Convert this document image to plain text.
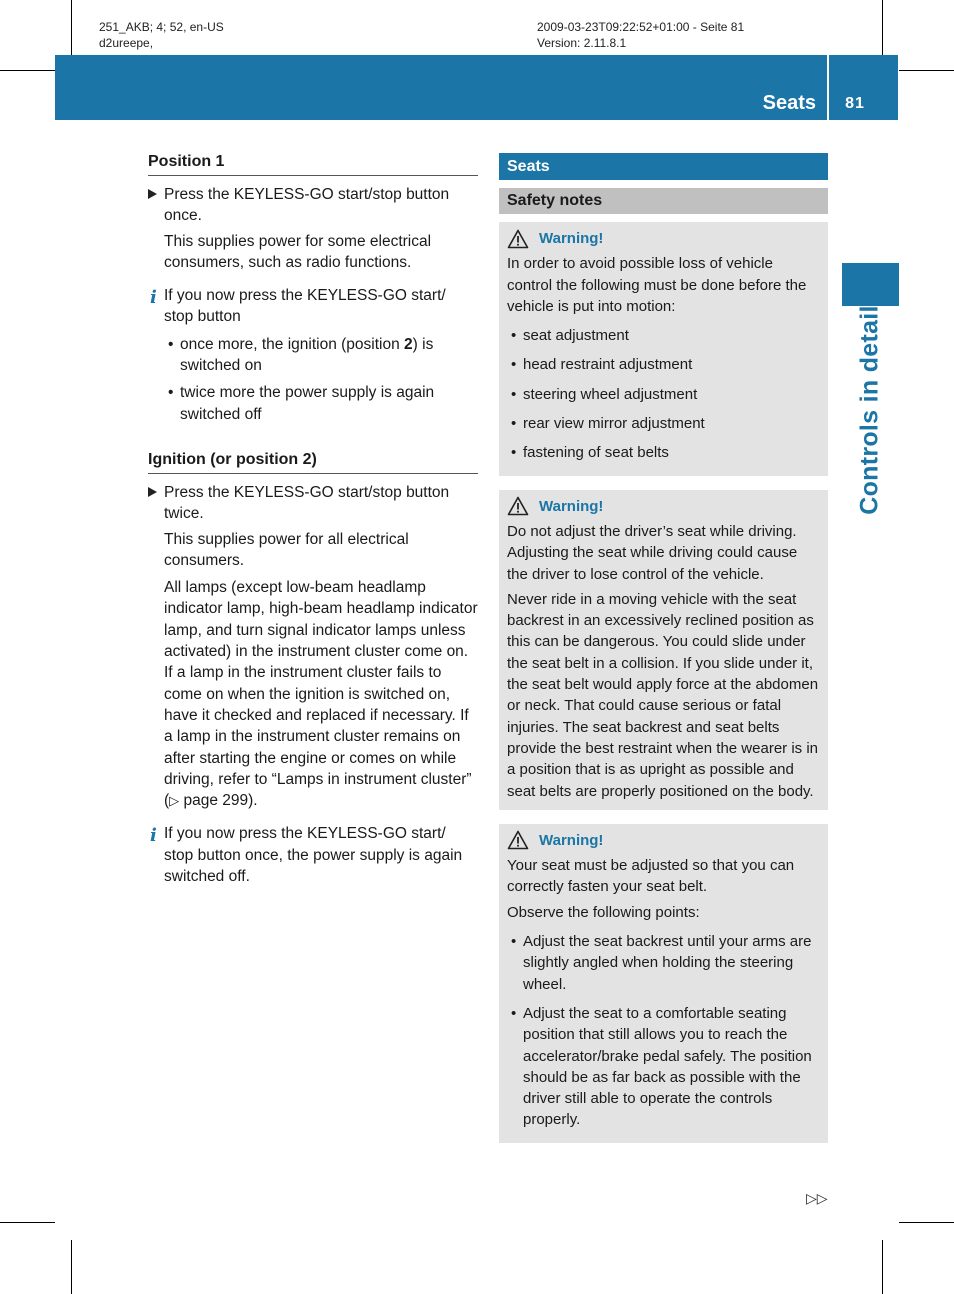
251_AKB; 4; 52, en-US
d2ureepe,
2009-03-23T09:22:52+01:00 - Seite 81
Version: 2.11.8.1
Seats	81
Controls in detail
Position 1
Press the KEYLESS-GO start/stop button once.
This supplies power for some electrical consumers, such as radio functions.
i If you now press the KEYLESS-GO start/ stop button
• once more, the ignition (position 2) is switched on
• twice more the power supply is again switched off
Ignition (or position 2)
Press the KEYLESS-GO start/stop button twice.
This supplies power for all electrical consumers.
All lamps (except low-beam headlamp indicator lamp, high-beam headlamp indicator lamp, and turn signal indicator lamps unless activated) in the instrument cluster come on. If a lamp in the instrument cluster fails to come on when the ignition is switched on, have it checked and replaced if necessary. If a lamp in the instrument cluster remains on after starting the engine or comes on while driving, refer to “Lamps in instrument cluster” (▷ page 299).
i If you now press the KEYLESS-GO start/ stop button once, the power supply is again switched off.
Seats
Safety notes
Warning!
In order to avoid possible loss of vehicle control the following must be done before the vehicle is put into motion:
• seat adjustment
• head restraint adjustment
• steering wheel adjustment
• rear view mirror adjustment
• fastening of seat belts
Warning!
Do not adjust the driver’s seat while driving. Adjusting the seat while driving could cause the driver to lose control of the vehicle.
Never ride in a moving vehicle with the seat backrest in an excessively reclined position as this can be dangerous. You could slide under the seat belt in a collision. If you slide under it, the seat belt would apply force at the abdomen or neck. That could cause serious or fatal injuries. The seat backrest and seat belts provide the best restraint when the wearer is in a position that is as upright as possible and seat belts are properly positioned on the body.
Warning!
Your seat must be adjusted so that you can correctly fasten your seat belt.
Observe the following points:
• Adjust the seat backrest until your arms are slightly angled when holding the steering wheel.
• Adjust the seat to a comfortable seating position that still allows you to reach the accelerator/brake pedal safely. The position should be as far back as possible with the driver still able to operate the controls properly.
▷▷
